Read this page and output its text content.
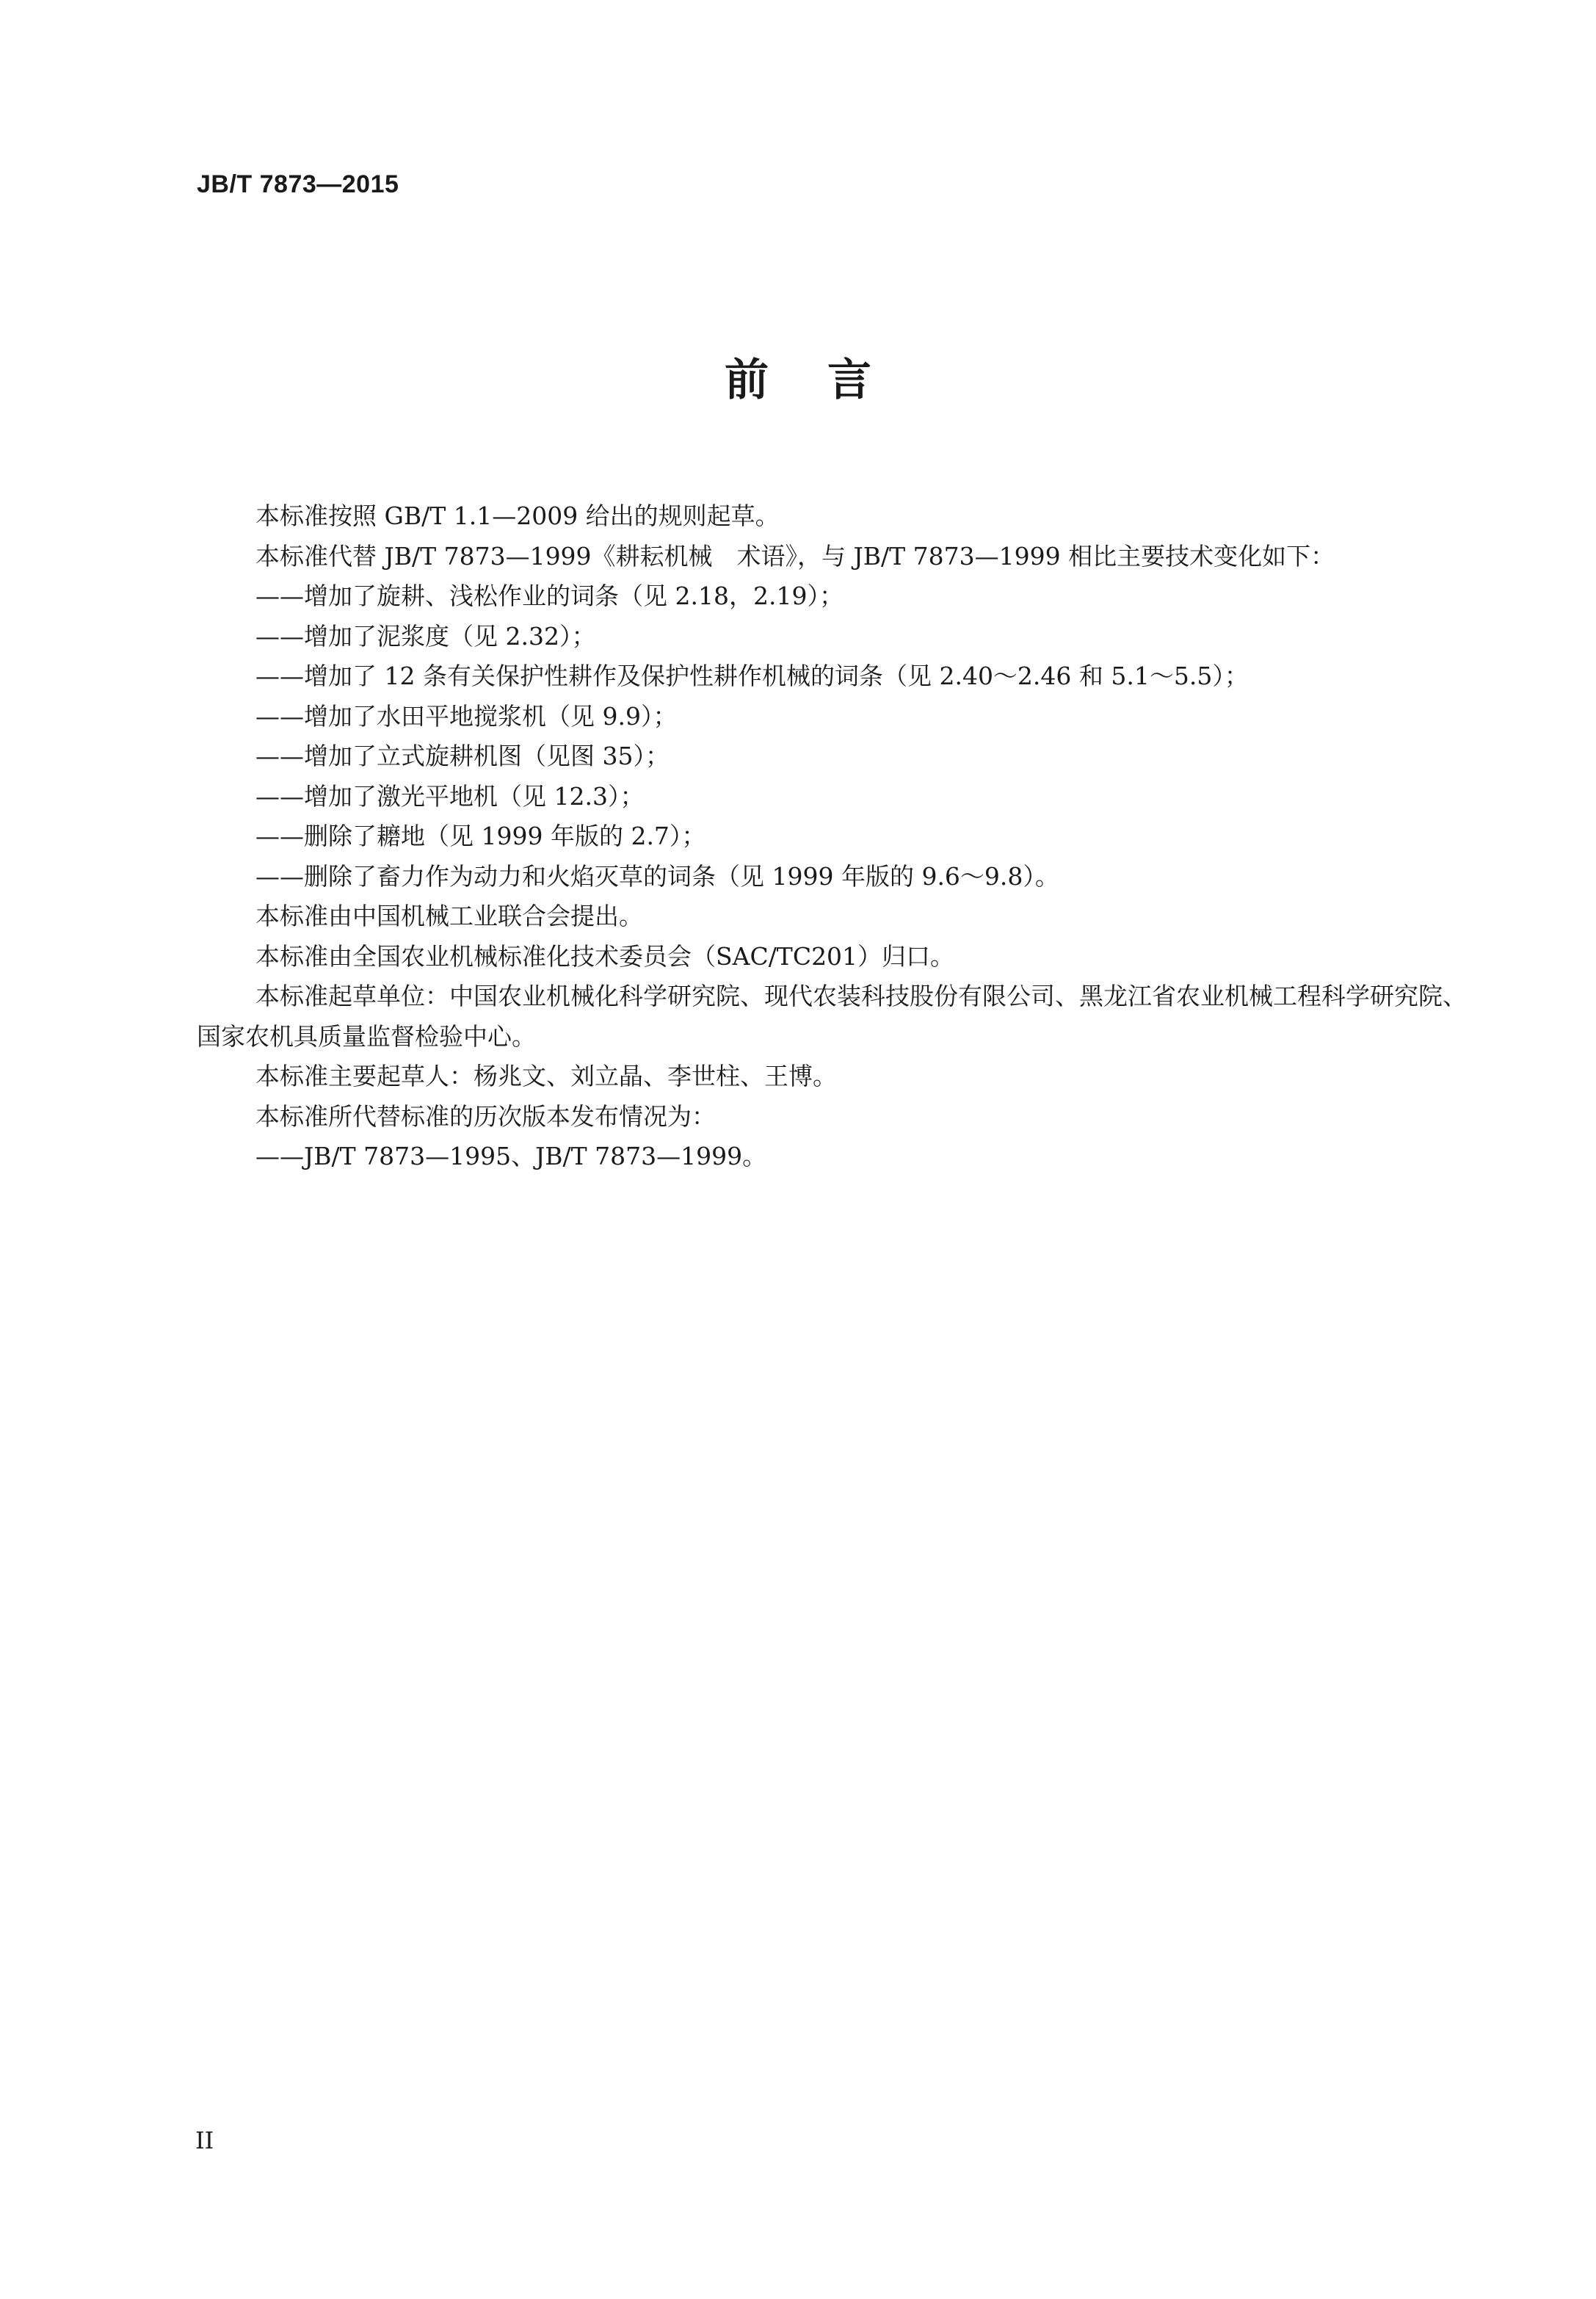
JB/T 7873—2015
前言

本标准按照 GB/T 1.1—2009 给出的规则起草。

本标准代替 JB/T 7873—1999《耕耘机械　术语》，与 JB/T 7873—1999 相比主要技术变化如下：

——增加了旋耕、浅松作业的词条（见 2.18，2.19）；

——增加了泥浆度（见 2.32）；

——增加了 12 条有关保护性耕作及保护性耕作机械的词条（见 2.40～2.46 和 5.1～5.5）；

——增加了水田平地搅浆机（见 9.9）；

——增加了立式旋耕机图（见图 35）；

——增加了激光平地机（见 12.3）；

——删除了耱地（见 1999 年版的 2.7）；

——删除了畜力作为动力和火焰灭草的词条（见 1999 年版的 9.6～9.8）。

本标准由中国机械工业联合会提出。

本标准由全国农业机械标准化技术委员会（SAC/TC201）归口。

本标准起草单位：中国农业机械化科学研究院、现代农装科技股份有限公司、黑龙江省农业机械工程科学研究院、国家农机具质量监督检验中心。

本标准主要起草人：杨兆文、刘立晶、李世柱、王博。

本标准所代替标准的历次版本发布情况为：

——JB/T 7873—1995、JB/T 7873—1999。

II
